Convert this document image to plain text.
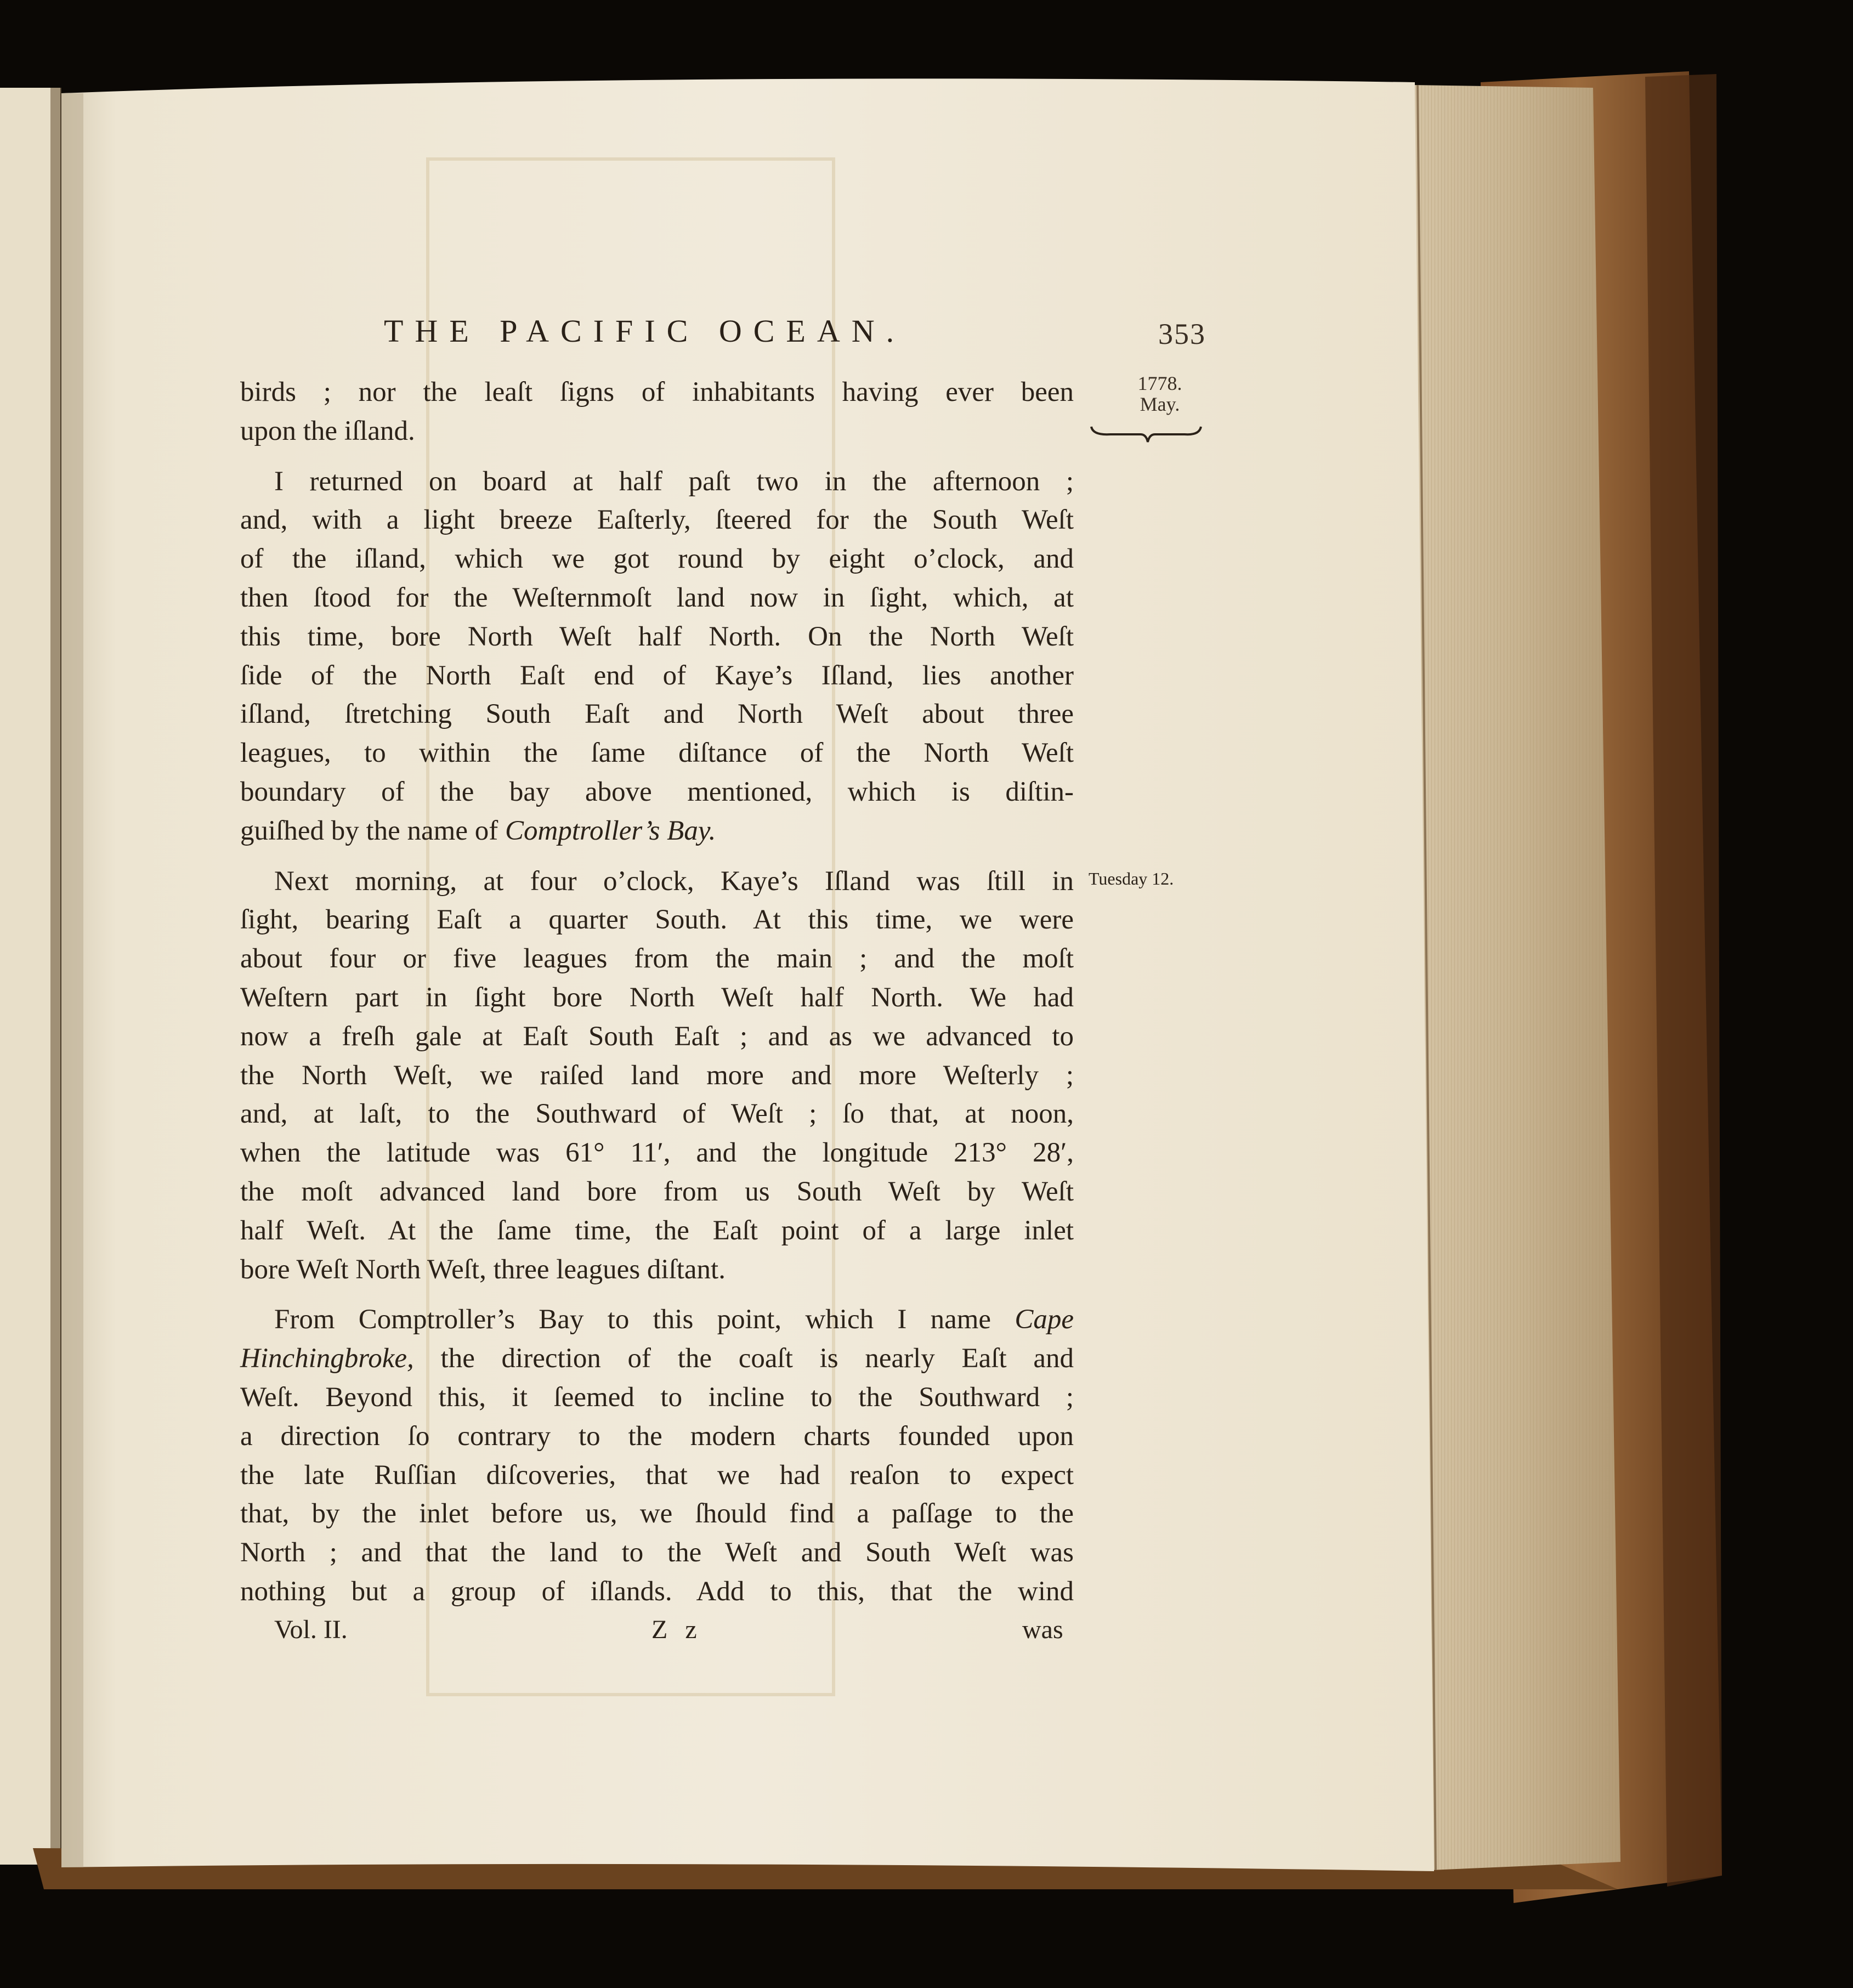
THE PACIFIC OCEAN.	353
1778.
May.
Tuesday 12.

birds ; nor the leaſt ſigns of inhabitants having ever been
upon the iſland.

I returned on board at half paſt two in the afternoon ;
and, with a light breeze Eaſterly, ſteered for the South Weſt
of the iſland, which we got round by eight o’clock, and
then ſtood for the Weſternmoſt land now in ſight, which, at
this time, bore North Weſt half North. On the North Weſt
ſide of the North Eaſt end of Kaye’s Iſland, lies another
iſland, ſtretching South Eaſt and North Weſt about three
leagues, to within the ſame diſtance of the North Weſt
boundary of the bay above mentioned, which is diſtin-
guiſhed by the name of Comptroller’s Bay.

Next morning, at four o’clock, Kaye’s Iſland was ſtill in
ſight, bearing Eaſt a quarter South. At this time, we were
about four or five leagues from the main ; and the moſt
Weſtern part in ſight bore North Weſt half North. We had
now a freſh gale at Eaſt South Eaſt ; and as we advanced to
the North Weſt, we raiſed land more and more Weſterly ;
and, at laſt, to the Southward of Weſt ; ſo that, at noon,
when the latitude was 61° 11′, and the longitude 213° 28′,
the moſt advanced land bore from us South Weſt by Weſt
half Weſt. At the ſame time, the Eaſt point of a large inlet
bore Weſt North Weſt, three leagues diſtant.

From Comptroller’s Bay to this point, which I name Cape
Hinchingbroke, the direction of the coaſt is nearly Eaſt and
Weſt. Beyond this, it ſeemed to incline to the Southward ;
a direction ſo contrary to the modern charts founded upon
the late Ruſſian diſcoveries, that we had reaſon to expect
that, by the inlet before us, we ſhould find a paſſage to the
North ; and that the land to the Weſt and South Weſt was
nothing but a group of iſlands. Add to this, that the wind

Vol. II.	Z z	was
